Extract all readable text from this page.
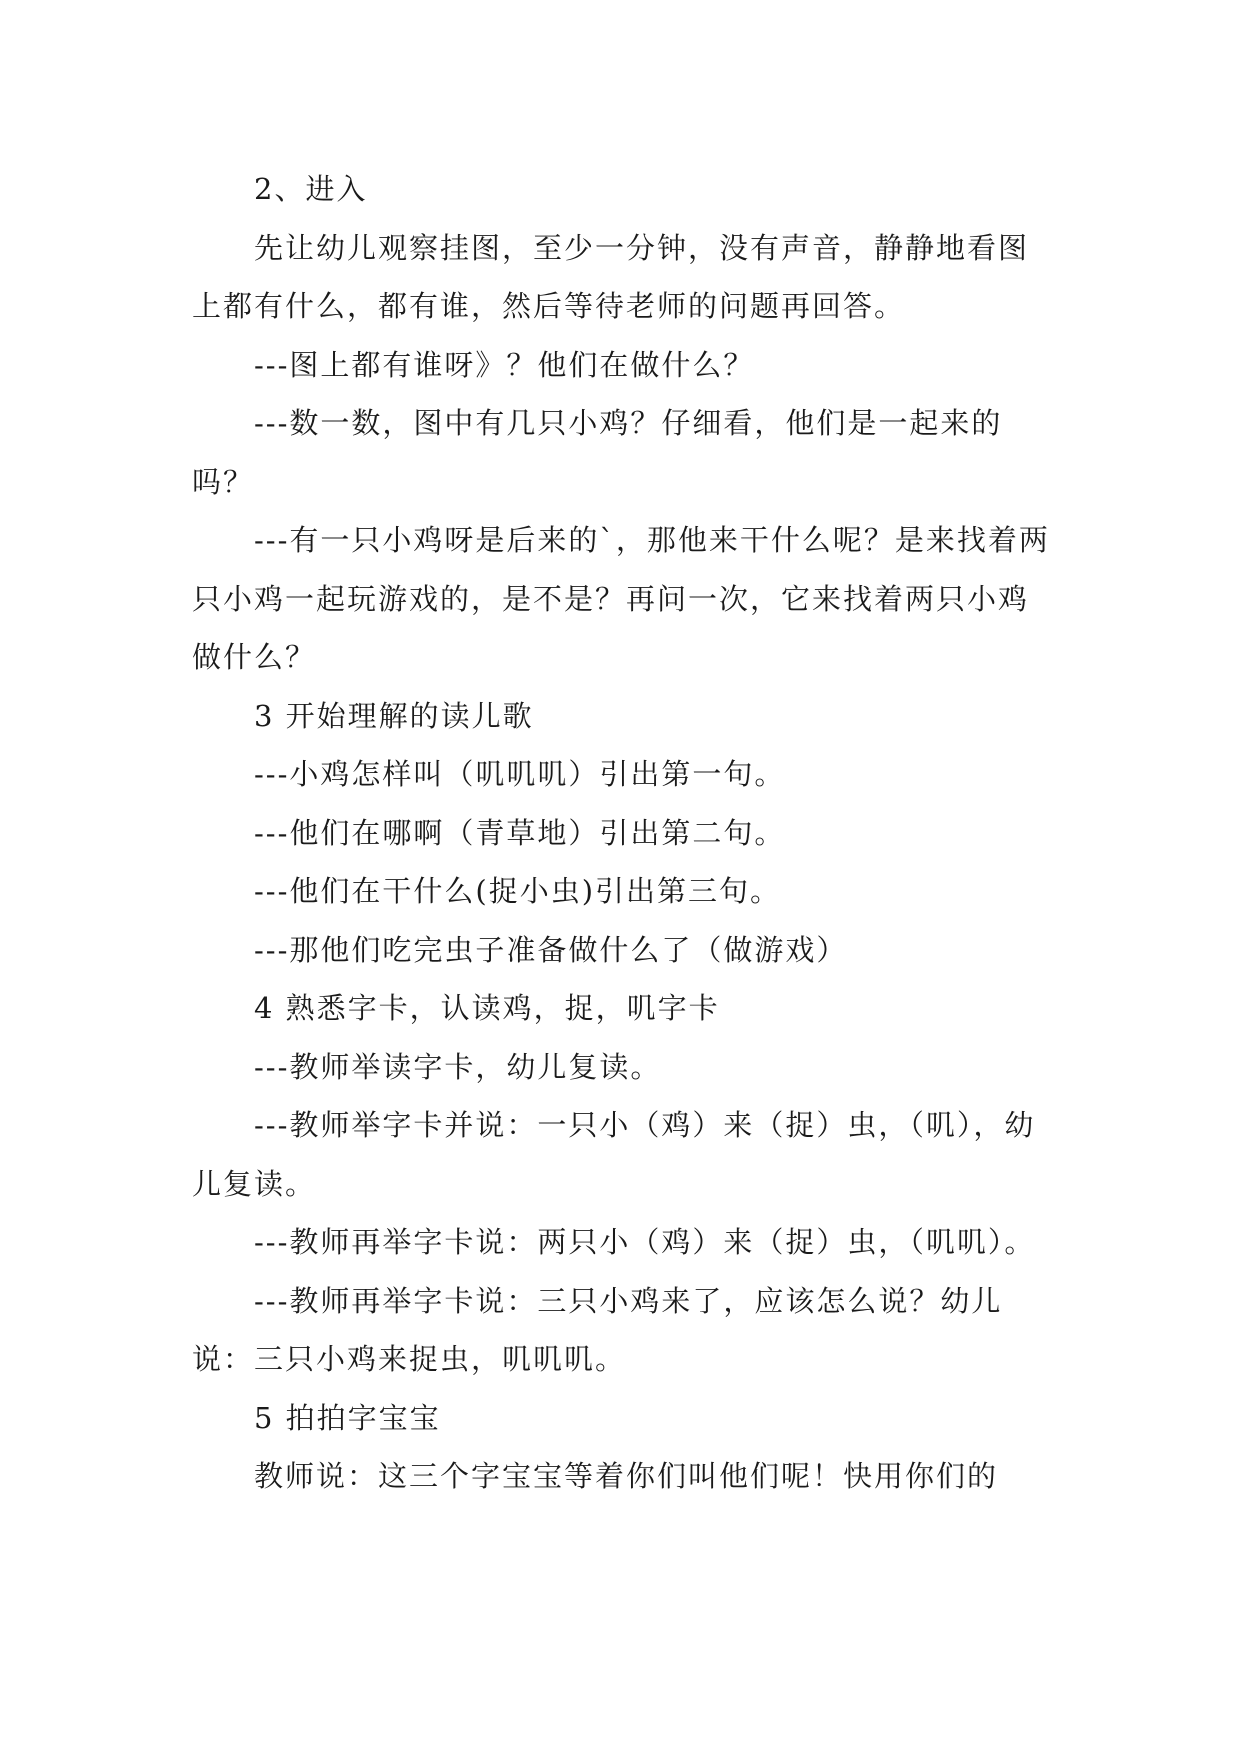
2、进入

先让幼儿观察挂图，至少一分钟，没有声音，静静地看图上都有什么，都有谁，然后等待老师的问题再回答。

---图上都有谁呀》？他们在做什么？

---数一数，图中有几只小鸡？仔细看，他们是一起来的吗？

---有一只小鸡呀是后来的`，那他来干什么呢？是来找着两只小鸡一起玩游戏的，是不是？再问一次，它来找着两只小鸡做什么？

3 开始理解的读儿歌

---小鸡怎样叫（叽叽叽）引出第一句。

---他们在哪啊（青草地）引出第二句。

---他们在干什么(捉小虫)引出第三句。

---那他们吃完虫子准备做什么了（做游戏）

4 熟悉字卡，认读鸡，捉，叽字卡

---教师举读字卡，幼儿复读。

---教师举字卡并说：一只小（鸡）来（捉）虫，（叽），幼儿复读。

---教师再举字卡说：两只小（鸡）来（捉）虫，（叽叽）。

---教师再举字卡说：三只小鸡来了，应该怎么说？幼儿说：三只小鸡来捉虫，叽叽叽。

5 拍拍字宝宝

教师说：这三个字宝宝等着你们叫他们呢！快用你们的
